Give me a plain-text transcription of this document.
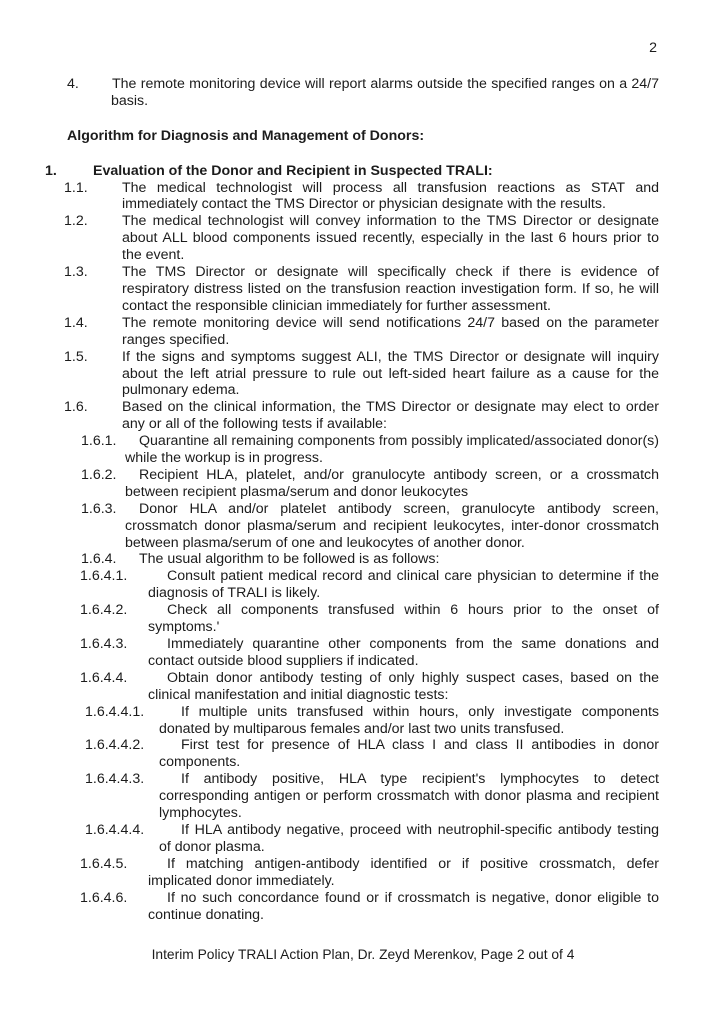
2
4. The remote monitoring device will report alarms outside the specified ranges on a 24/7 basis.
Algorithm for Diagnosis and Management of Donors:
1.	Evaluation of the Donor and Recipient in Suspected TRALI:
1.1. The medical technologist will process all transfusion reactions as STAT and immediately contact the TMS Director or physician designate with the results.
1.2. The medical technologist will convey information to the TMS Director or designate about ALL blood components issued recently, especially in the last 6 hours prior to the event.
1.3. The TMS Director or designate will specifically check if there is evidence of respiratory distress listed on the transfusion reaction investigation form. If so, he will contact the responsible clinician immediately for further assessment.
1.4. The remote monitoring device will send notifications 24/7 based on the parameter ranges specified.
1.5. If the signs and symptoms suggest ALI, the TMS Director or designate will inquiry about the left atrial pressure to rule out left-sided heart failure as a cause for the pulmonary edema.
1.6. Based on the clinical information, the TMS Director or designate may elect to order any or all of the following tests if available:
1.6.1. Quarantine all remaining components from possibly implicated/associated donor(s) while the workup is in progress.
1.6.2. Recipient HLA, platelet, and/or granulocyte antibody screen, or a crossmatch between recipient plasma/serum and donor leukocytes
1.6.3. Donor HLA and/or platelet antibody screen, granulocyte antibody screen, crossmatch donor plasma/serum and recipient leukocytes, inter-donor crossmatch between plasma/serum of one and leukocytes of another donor.
1.6.4. The usual algorithm to be followed is as follows:
1.6.4.1.	Consult patient medical record and clinical care physician to determine if the diagnosis of TRALI is likely.
1.6.4.2.	Check all components transfused within 6 hours prior to the onset of symptoms.'
1.6.4.3.	Immediately quarantine other components from the same donations and contact outside blood suppliers if indicated.
1.6.4.4.	Obtain donor antibody testing of only highly suspect cases, based on the clinical manifestation and initial diagnostic tests:
1.6.4.4.1.	If multiple units transfused within hours, only investigate components donated by multiparous females and/or last two units transfused.
1.6.4.4.2.	First test for presence of HLA class I and class II antibodies in donor components.
1.6.4.4.3.	If antibody positive, HLA type recipient's lymphocytes to detect corresponding antigen or perform crossmatch with donor plasma and recipient lymphocytes.
1.6.4.4.4.	If HLA antibody negative, proceed with neutrophil-specific antibody testing of donor plasma.
1.6.4.5.	If matching antigen-antibody identified or if positive crossmatch, defer implicated donor immediately.
1.6.4.6.	If no such concordance found or if crossmatch is negative, donor eligible to continue donating.
Interim Policy TRALI Action Plan, Dr. Zeyd Merenkov, Page 2 out of 4
